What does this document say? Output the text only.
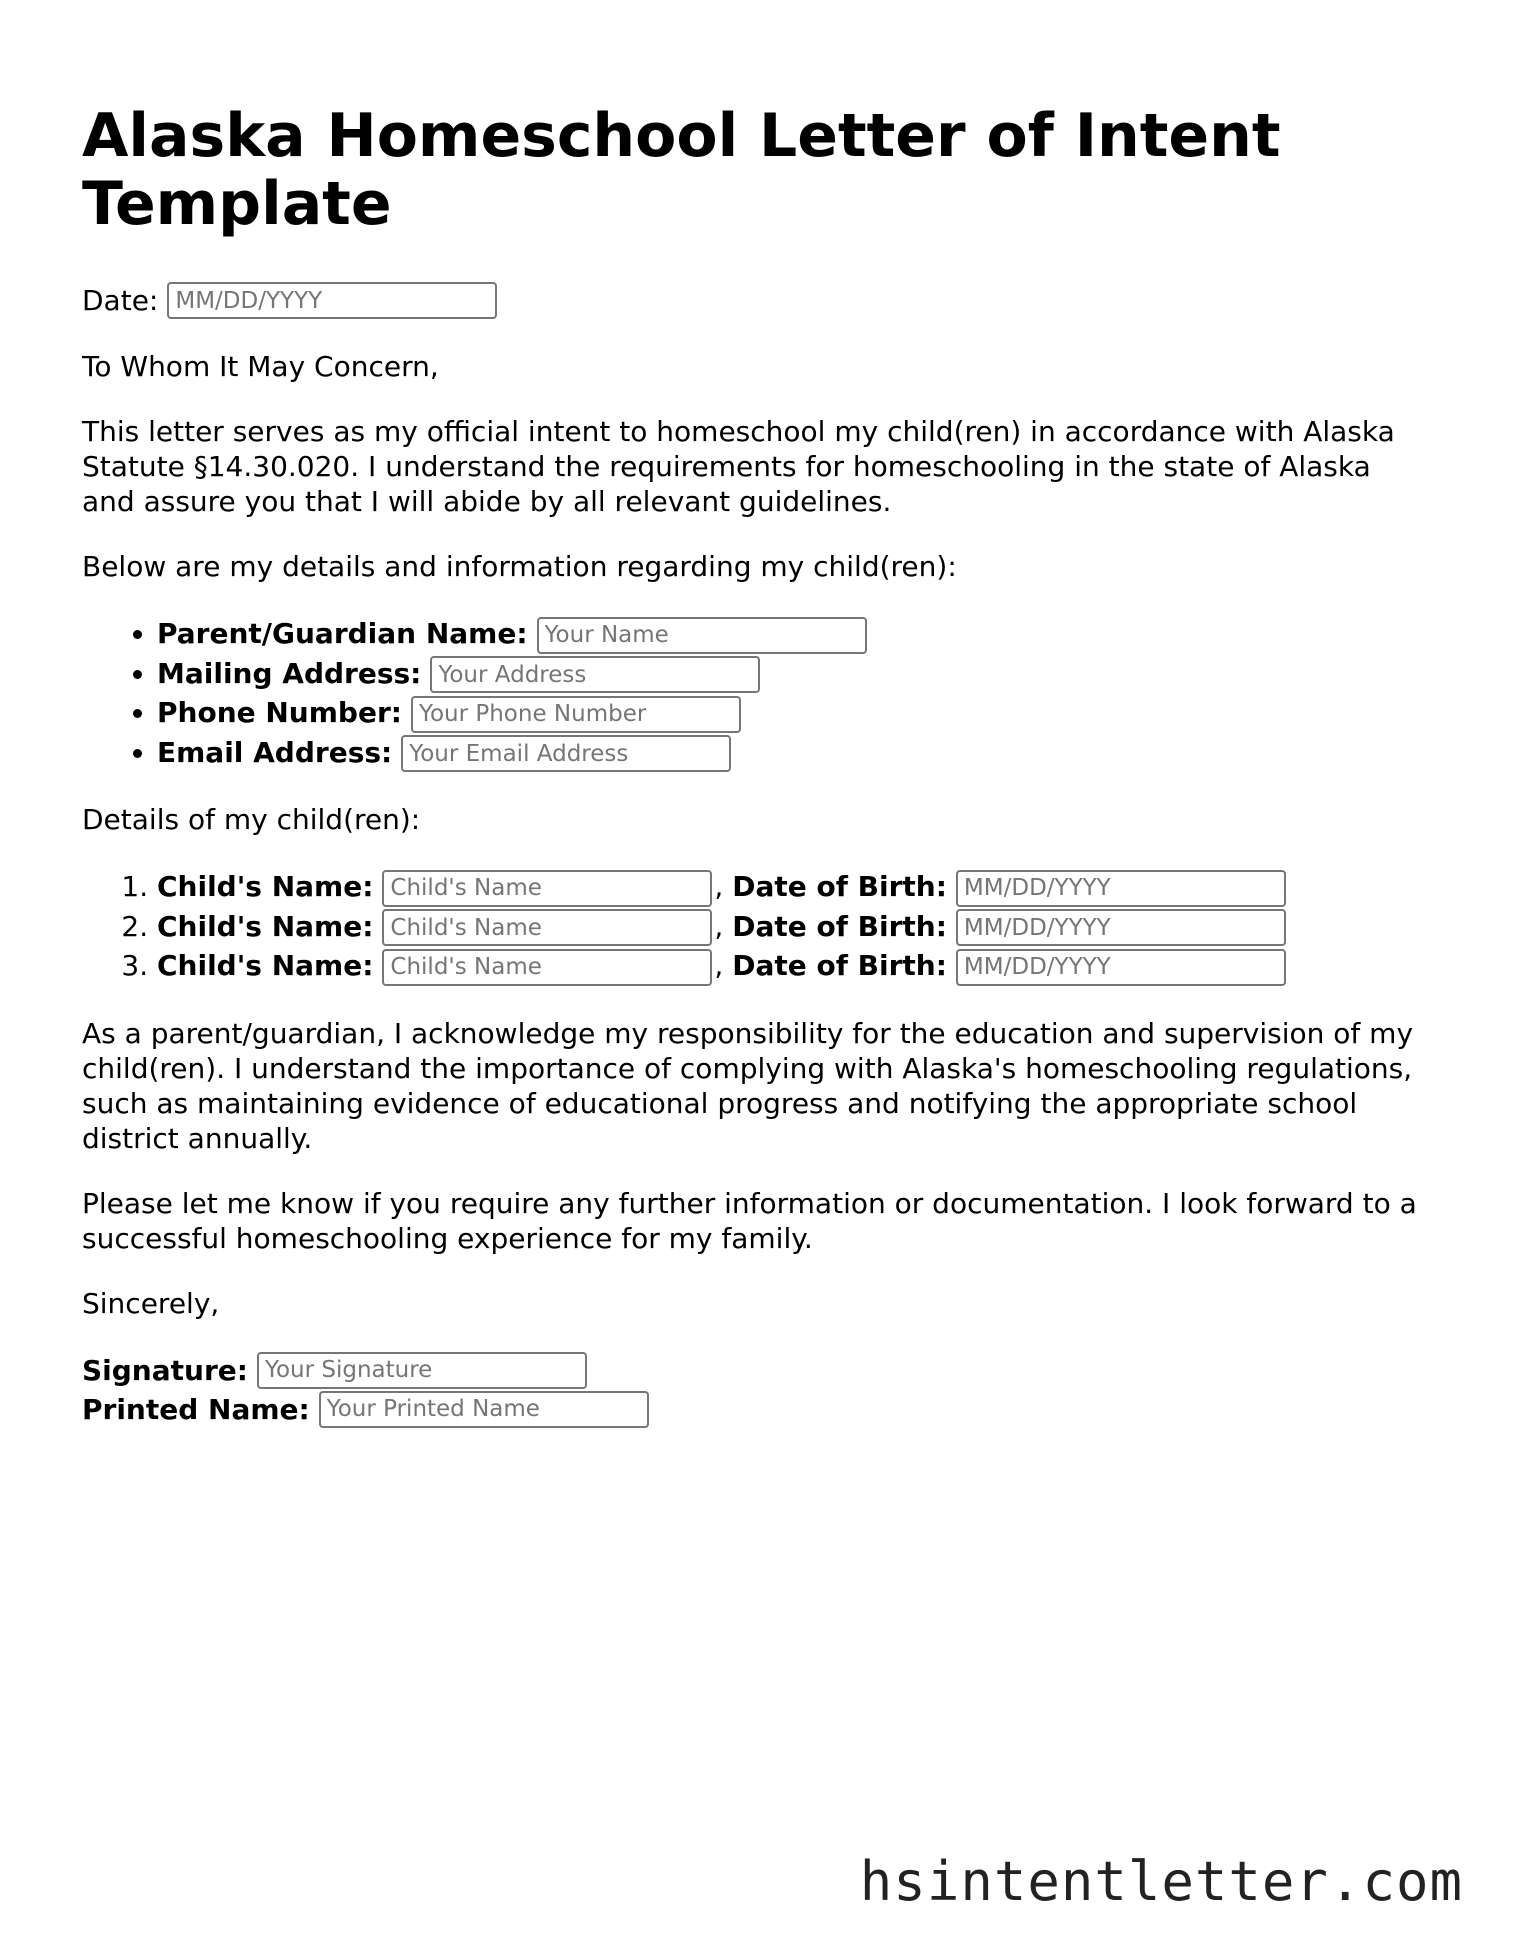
Alaska Homeschool Letter of Intent Template
Date:
MM/DD/YYYY

To Whom It May Concern,

This letter serves as my official intent to homeschool my child(ren) in accordance with Alaska Statute §14.30.020. I understand the requirements for homeschooling in the state of Alaska and assure you that I will abide by all relevant guidelines.

Below are my details and information regarding my child(ren):

• Parent/Guardian Name:Your Name
• Mailing Address:Your Address
• Phone Number:Your Phone Number
• Email Address:Your Email Address

Details of my child(ren):

1. Child's Name:Child's Name	, Date of Birth:MM/DD/YYYY
2. Child's Name:Child's Name	, Date of Birth:MM/DD/YYYY
3. Child's Name:Child's Name	, Date of Birth:MM/DD/YYYY

As a parent/guardian, I acknowledge my responsibility for the education and supervision of my child(ren). I understand the importance of complying with Alaska's homeschooling regulations, such as maintaining evidence of educational progress and notifying the appropriate school district annually.

Please let me know if you require any further information or documentation. I look forward to a successful homeschooling experience for my family.

Sincerely,

Signature:
Your Signature
Printed Name:
Your Printed Name
hsintentletter.com
